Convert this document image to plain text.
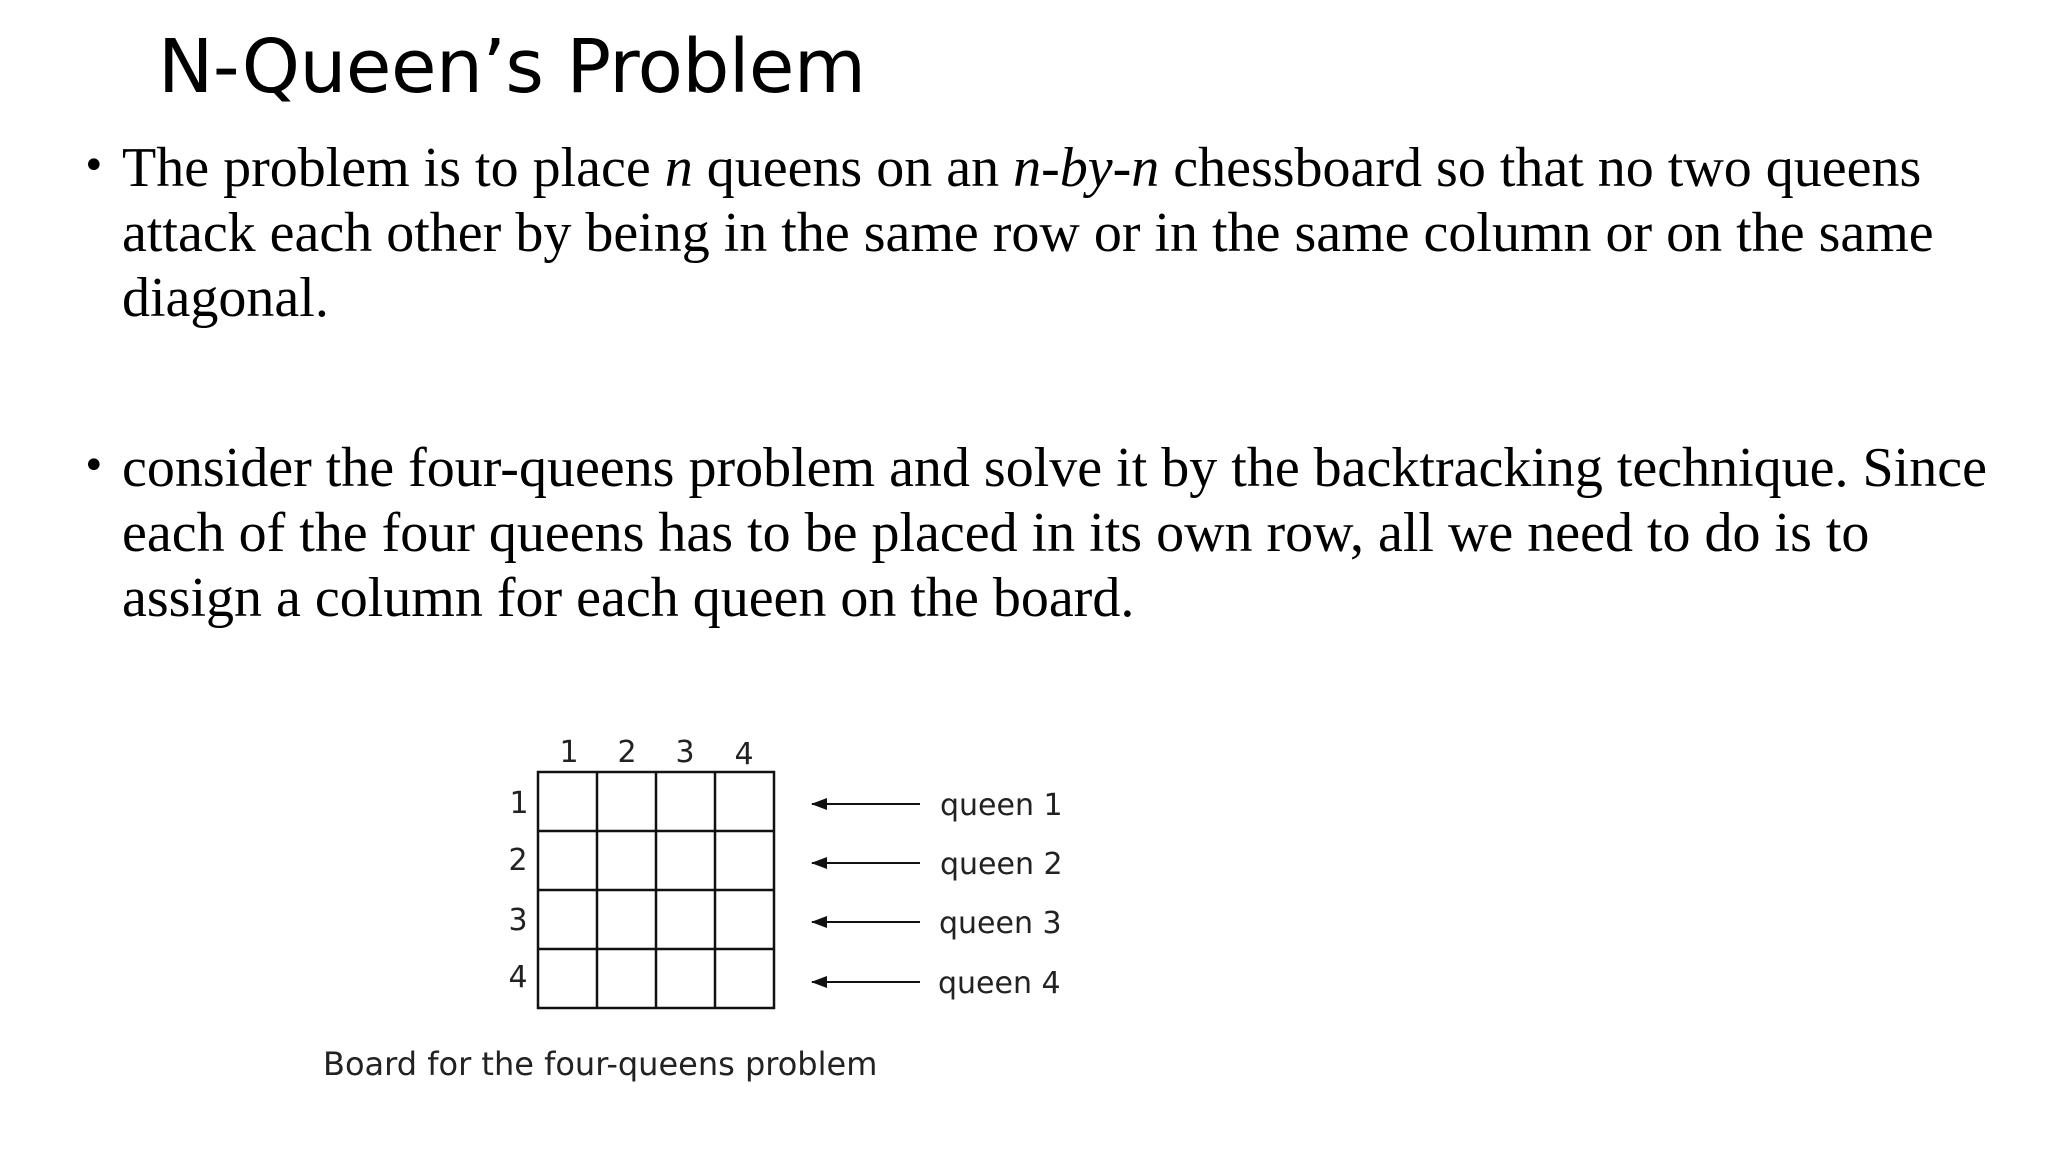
N-Queen’s Problem
• The problem is to place n queens on an n-by-n chessboard so that no two queens attack each other by being in the same row or in the same column or on the same diagonal.
• consider the four-queens problem and solve it by the backtracking technique. Since each of the four queens has to be placed in its own row, all we need to do is to assign a column for each queen on the board.
1 2 3 4
1
2
3
4
queen 1
queen 2
queen 3
queen 4
Board for the four-queens problem
